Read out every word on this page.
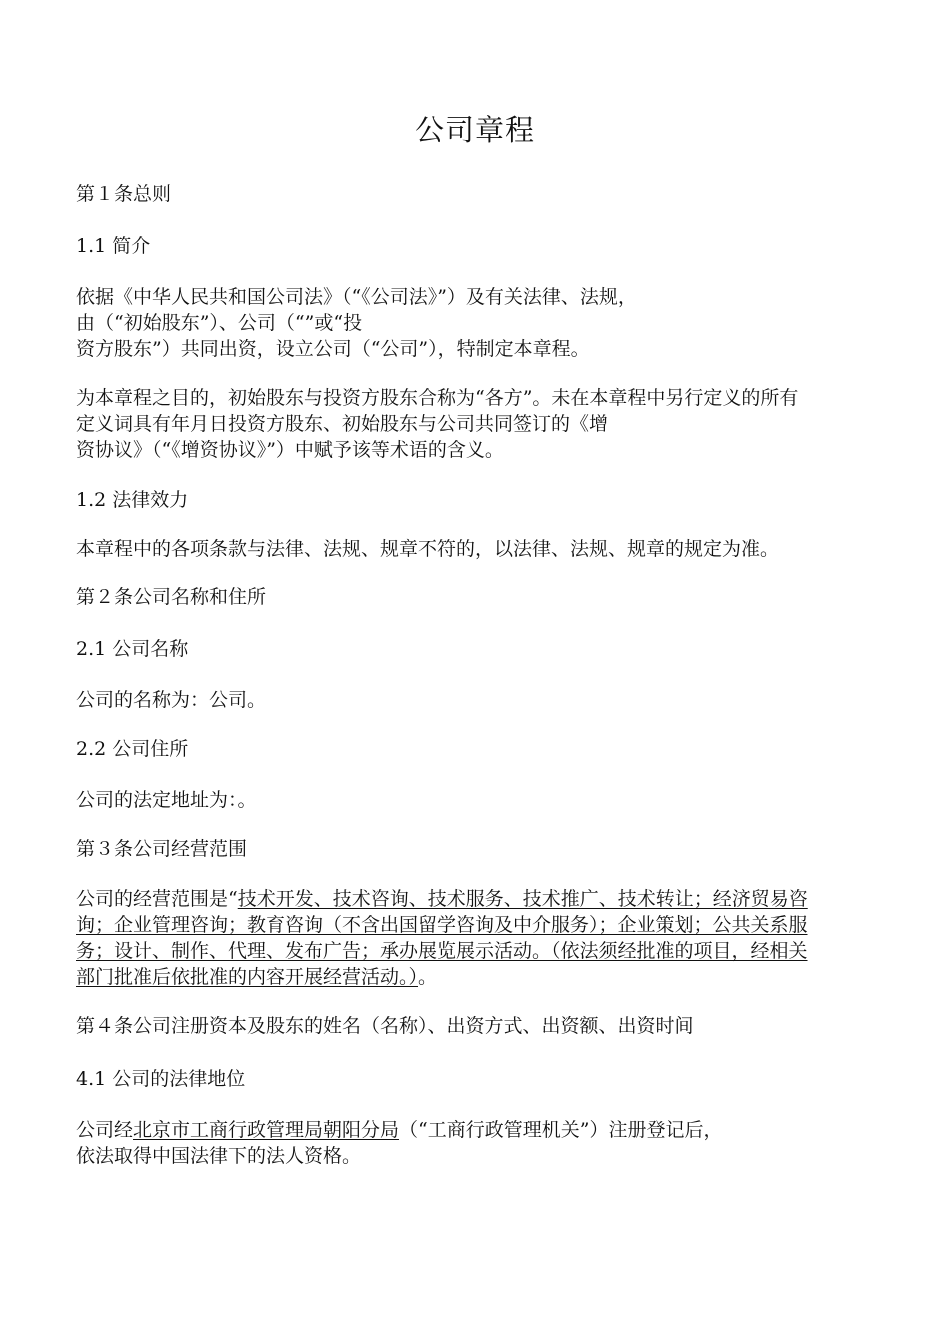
公司章程
第１条总则
1.1 简介
依据《中华人民共和国公司法》（“《公司法》”）及有关法律、法规，
由（“初始股东”）、公司（“”或“投
资方股东”）共同出资，设立公司（“公司”），特制定本章程。
为本章程之目的，初始股东与投资方股东合称为“各方”。未在本章程中另行定义的所有
定义词具有年月日投资方股东、初始股东与公司共同签订的《增
资协议》（“《增资协议》”）中赋予该等术语的含义。
1.2 法律效力
本章程中的各项条款与法律、法规、规章不符的，以法律、法规、规章的规定为准。
第２条公司名称和住所
2.1 公司名称
公司的名称为：公司。
2.2 公司住所
公司的法定地址为：。
第３条公司经营范围
公司的经营范围是“技术开发、技术咨询、技术服务、技术推广、技术转让；经济贸易咨
询；企业管理咨询；教育咨询（不含出国留学咨询及中介服务）；企业策划；公共关系服
务；设计、制作、代理、发布广告；承办展览展示活动。（依法须经批准的项目，经相关
部门批准后依批准的内容开展经营活动。）。
第４条公司注册资本及股东的姓名（名称）、出资方式、出资额、出资时间
4.1 公司的法律地位
公司经北京市工商行政管理局朝阳分局（“工商行政管理机关”）注册登记后，
依法取得中国法律下的法人资格。
